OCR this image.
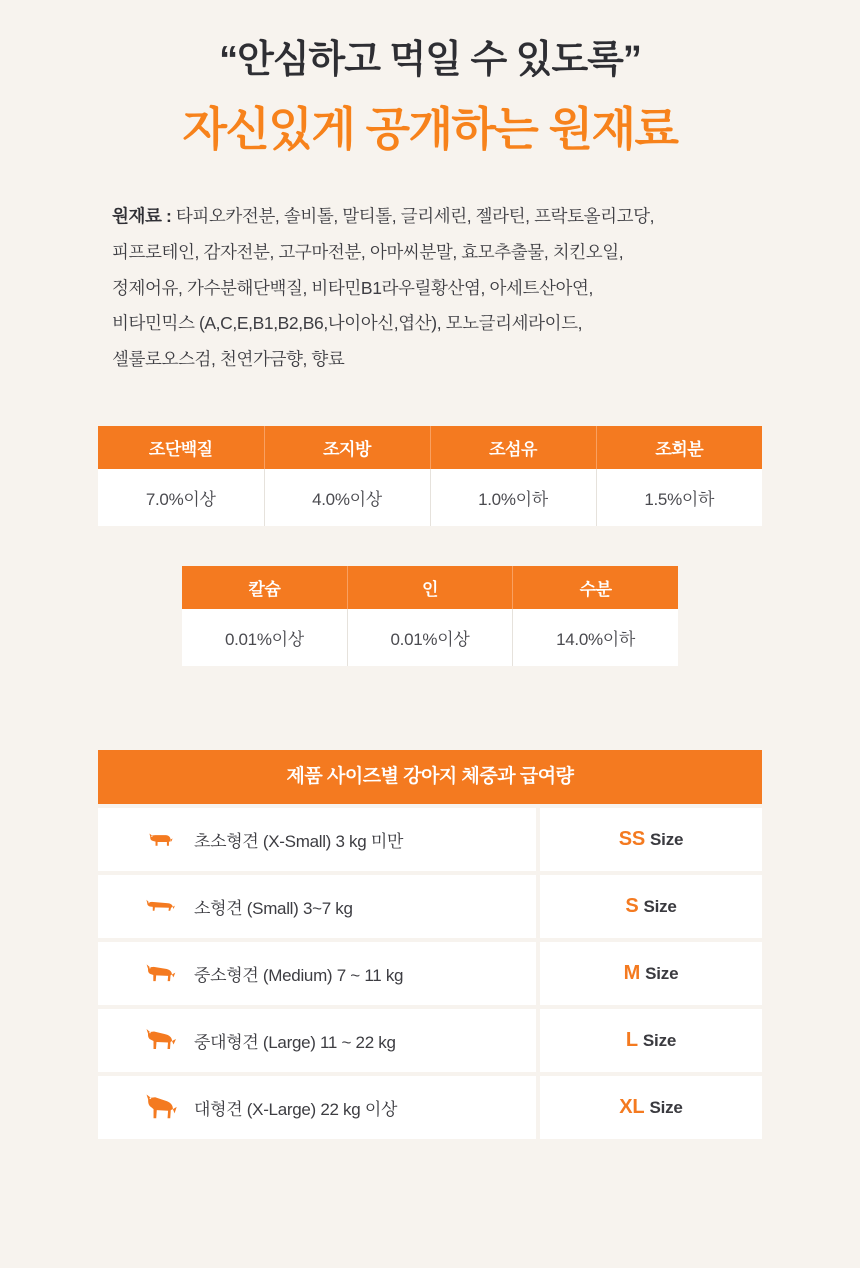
“안심하고 먹일 수 있도록”
자신있게 공개하는 원재료
원재료 : 타피오카전분, 솔비톨, 말티톨, 글리세린, 젤라틴, 프락토올리고당,
피프로테인, 감자전분, 고구마전분, 아마씨분말, 효모추출물, 치킨오일,
정제어유, 가수분해단백질, 비타민B1라우릴황산염, 아세트산아연,
비타민믹스 (A,C,E,B1,B2,B6,나이아신,엽산), 모노글리세라이드,
셀룰로오스검, 천연가금향, 향료
조단백질	조지방	조섬유	조회분
7.0%이상	4.0%이상	1.0%이하	1.5%이하
칼슘	인	수분
0.01%이상	0.01%이상	14.0%이하
제품 사이즈별 강아지 체중과 급여량
초소형견 (X-Small) 3 kg 미만	SS Size
소형견 (Small) 3~7 kg	S Size
중소형견 (Medium) 7 ~ 11 kg	M Size
중대형견 (Large) 11 ~ 22 kg	L Size
대형견 (X-Large) 22 kg 이상	XL Size
